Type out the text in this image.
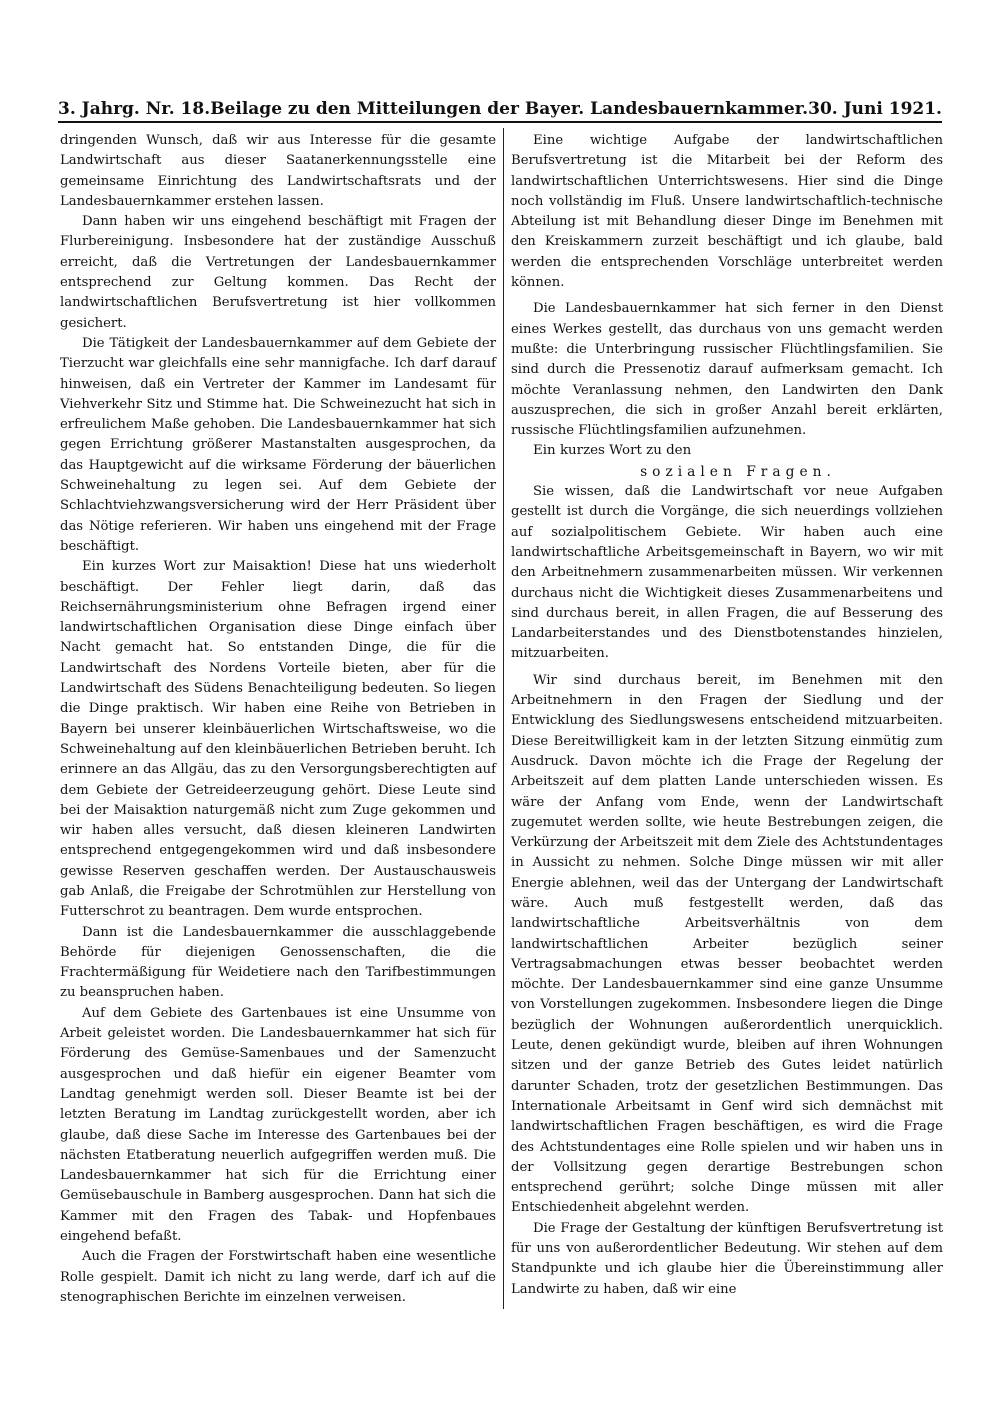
3. Jahrg. Nr. 18. Beilage zu den Mitteilungen der Bayer. Landesbauernkammer. 30. Juni 1921.

dringenden Wunsch, daß wir aus Interesse für die gesamte Landwirtschaft aus dieser Saatanerkennungsstelle eine gemeinsame Einrichtung des Landwirtschaftsrats und der Landesbauernkammer erstehen lassen.

Dann haben wir uns eingehend beschäftigt mit Fragen der Flurbereinigung. Insbesondere hat der zuständige Ausschuß erreicht, daß die Vertretungen der Landesbauernkammer entsprechend zur Geltung kommen. Das Recht der landwirtschaftlichen Berufsvertretung ist hier vollkommen gesichert.

Die Tätigkeit der Landesbauernkammer auf dem Gebiete der Tierzucht war gleichfalls eine sehr mannigfache. Ich darf darauf hinweisen, daß ein Vertreter der Kammer im Landesamt für Viehverkehr Sitz und Stimme hat. Die Schweinezucht hat sich in erfreulichem Maße gehoben. Die Landesbauernkammer hat sich gegen Errichtung größerer Mastanstalten ausgesprochen, da das Hauptgewicht auf die wirksame Förderung der bäuerlichen Schweinehaltung zu legen sei. Auf dem Gebiete der Schlachtviehzwangsversicherung wird der Herr Präsident über das Nötige referieren. Wir haben uns eingehend mit der Frage beschäftigt.

Ein kurzes Wort zur Maisaktion! Diese hat uns wiederholt beschäftigt. Der Fehler liegt darin, daß das Reichsernährungsministerium ohne Befragen irgend einer landwirtschaftlichen Organisation diese Dinge einfach über Nacht gemacht hat. So entstanden Dinge, die für die Landwirtschaft des Nordens Vorteile bieten, aber für die Landwirtschaft des Südens Benachteiligung bedeuten. So liegen die Dinge praktisch. Wir haben eine Reihe von Betrieben in Bayern bei unserer kleinbäuerlichen Wirtschaftsweise, wo die Schweinehaltung auf den kleinbäuerlichen Betrieben beruht. Ich erinnere an das Allgäu, das zu den Versorgungsberechtigten auf dem Gebiete der Getreideerzeugung gehört. Diese Leute sind bei der Maisaktion naturgemäß nicht zum Zuge gekommen und wir haben alles versucht, daß diesen kleineren Landwirten entsprechend entgegengekommen wird und daß insbesondere gewisse Reserven geschaffen werden. Der Austauschausweis gab Anlaß, die Freigabe der Schrotmühlen zur Herstellung von Futterschrot zu beantragen. Dem wurde entsprochen.

Dann ist die Landesbauernkammer die ausschlaggebende Behörde für diejenigen Genossenschaften, die die Frachtermäßigung für Weidetiere nach den Tarifbestimmungen zu beanspruchen haben.

Auf dem Gebiete des Gartenbaues ist eine Unsumme von Arbeit geleistet worden. Die Landesbauernkammer hat sich für Förderung des Gemüse-Samenbaues und der Samenzucht ausgesprochen und daß hiefür ein eigener Beamter vom Landtag genehmigt werden soll. Dieser Beamte ist bei der letzten Beratung im Landtag zurückgestellt worden, aber ich glaube, daß diese Sache im Interesse des Gartenbaues bei der nächsten Etatberatung neuerlich aufgegriffen werden muß. Die Landesbauernkammer hat sich für die Errichtung einer Gemüsebauschule in Bamberg ausgesprochen. Dann hat sich die Kammer mit den Fragen des Tabak- und Hopfenbaues eingehend befaßt.

Auch die Fragen der Forstwirtschaft haben eine wesentliche Rolle gespielt. Damit ich nicht zu lang werde, darf ich auf die stenographischen Berichte im einzelnen verweisen.

Eine wichtige Aufgabe der landwirtschaftlichen Berufsvertretung ist die Mitarbeit bei der Reform des landwirtschaftlichen Unterrichtswesens. Hier sind die Dinge noch vollständig im Fluß. Unsere landwirtschaftlich-technische Abteilung ist mit Behandlung dieser Dinge im Benehmen mit den Kreiskammern zurzeit beschäftigt und ich glaube, bald werden die entsprechenden Vorschläge unterbreitet werden können.

Die Landesbauernkammer hat sich ferner in den Dienst eines Werkes gestellt, das durchaus von uns gemacht werden mußte: die Unterbringung russischer Flüchtlingsfamilien. Sie sind durch die Pressenotiz darauf aufmerksam gemacht. Ich möchte Veranlassung nehmen, den Landwirten den Dank auszusprechen, die sich in großer Anzahl bereit erklärten, russische Flüchtlingsfamilien aufzunehmen.

Ein kurzes Wort zu den

sozialen Fragen.

Sie wissen, daß die Landwirtschaft vor neue Aufgaben gestellt ist durch die Vorgänge, die sich neuerdings vollziehen auf sozialpolitischem Gebiete. Wir haben auch eine landwirtschaftliche Arbeitsgemeinschaft in Bayern, wo wir mit den Arbeitnehmern zusammenarbeiten müssen. Wir verkennen durchaus nicht die Wichtigkeit dieses Zusammenarbeitens und sind durchaus bereit, in allen Fragen, die auf Besserung des Landarbeiterstandes und des Dienstbotenstandes hinzielen, mitzuarbeiten.

Wir sind durchaus bereit, im Benehmen mit den Arbeitnehmern in den Fragen der Siedlung und der Entwicklung des Siedlungswesens entscheidend mitzuarbeiten. Diese Bereitwilligkeit kam in der letzten Sitzung einmütig zum Ausdruck. Davon möchte ich die Frage der Regelung der Arbeitszeit auf dem platten Lande unterschieden wissen. Es wäre der Anfang vom Ende, wenn der Landwirtschaft zugemutet werden sollte, wie heute Bestrebungen zeigen, die Verkürzung der Arbeitszeit mit dem Ziele des Achtstundentages in Aussicht zu nehmen. Solche Dinge müssen wir mit aller Energie ablehnen, weil das der Untergang der Landwirtschaft wäre. Auch muß festgestellt werden, daß das landwirtschaftliche Arbeitsverhältnis von dem landwirtschaftlichen Arbeiter bezüglich seiner Vertragsabmachungen etwas besser beobachtet werden möchte. Der Landesbauernkammer sind eine ganze Unsumme von Vorstellungen zugekommen. Insbesondere liegen die Dinge bezüglich der Wohnungen außerordentlich unerquicklich. Leute, denen gekündigt wurde, bleiben auf ihren Wohnungen sitzen und der ganze Betrieb des Gutes leidet natürlich darunter Schaden, trotz der gesetzlichen Bestimmungen. Das Internationale Arbeitsamt in Genf wird sich demnächst mit landwirtschaftlichen Fragen beschäftigen, es wird die Frage des Achtstundentages eine Rolle spielen und wir haben uns in der Vollsitzung gegen derartige Bestrebungen schon entsprechend gerührt; solche Dinge müssen mit aller Entschiedenheit abgelehnt werden.

Die Frage der Gestaltung der künftigen Berufsvertretung ist für uns von außerordentlicher Bedeutung. Wir stehen auf dem Standpunkte und ich glaube hier die Übereinstimmung aller Landwirte zu haben, daß wir eine
